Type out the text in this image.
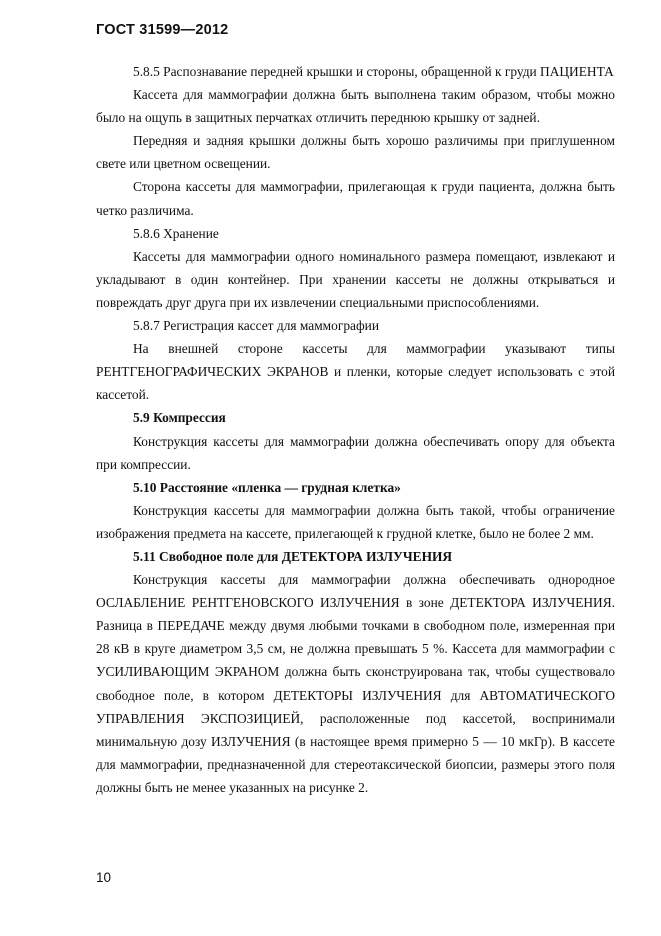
ГОСТ 31599—2012

5.8.5 Распознавание передней крышки и стороны, обращенной к груди ПАЦИЕНТА

Кассета для маммографии должна быть выполнена таким образом, чтобы можно было на ощупь в защитных перчатках отличить переднюю крышку от задней.

Передняя и задняя крышки должны быть хорошо различимы при приглушенном свете или цветном освещении.

Сторона кассеты для маммографии, прилегающая к груди пациента, должна быть четко различима.

5.8.6 Хранение

Кассеты для маммографии одного номинального размера помещают, извлекают и укладывают в один контейнер. При хранении кассеты не должны открываться и повреждать друг друга при их извлечении специальными приспособлениями.

5.8.7 Регистрация кассет для маммографии

На внешней стороне кассеты для маммографии указывают типы РЕНТГЕНОГРАФИЧЕСКИХ ЭКРАНОВ и пленки, которые следует использовать с этой кассетой.

5.9 Компрессия

Конструкция кассеты для маммографии должна обеспечивать опору для объекта при компрессии.

5.10 Расстояние «пленка — грудная клетка»

Конструкция кассеты для маммографии должна быть такой, чтобы ограничение изображения предмета на кассете, прилегающей к грудной клетке, было не более 2 мм.

5.11 Свободное поле для ДЕТЕКТОРА ИЗЛУЧЕНИЯ

Конструкция кассеты для маммографии должна обеспечивать однородное ОСЛАБЛЕНИЕ РЕНТГЕНОВСКОГО ИЗЛУЧЕНИЯ в зоне ДЕТЕКТОРА ИЗЛУЧЕНИЯ. Разница в ПЕРЕДАЧЕ между двумя любыми точками в свободном поле, измеренная при 28 кВ в круге диаметром 3,5 см, не должна превышать 5 %. Кассета для маммографии с УСИЛИВАЮЩИМ ЭКРАНОМ должна быть сконструирована так, чтобы существовало свободное поле, в котором ДЕТЕКТОРЫ ИЗЛУЧЕНИЯ для АВТОМАТИЧЕСКОГО УПРАВЛЕНИЯ ЭКСПОЗИЦИЕЙ, расположенные под кассетой, воспринимали минимальную дозу ИЗЛУЧЕНИЯ (в настоящее время примерно 5 — 10 мкГр). В кассете для маммографии, предназначенной для стереотаксической биопсии, размеры этого поля должны быть не менее указанных на рисунке 2.

10
